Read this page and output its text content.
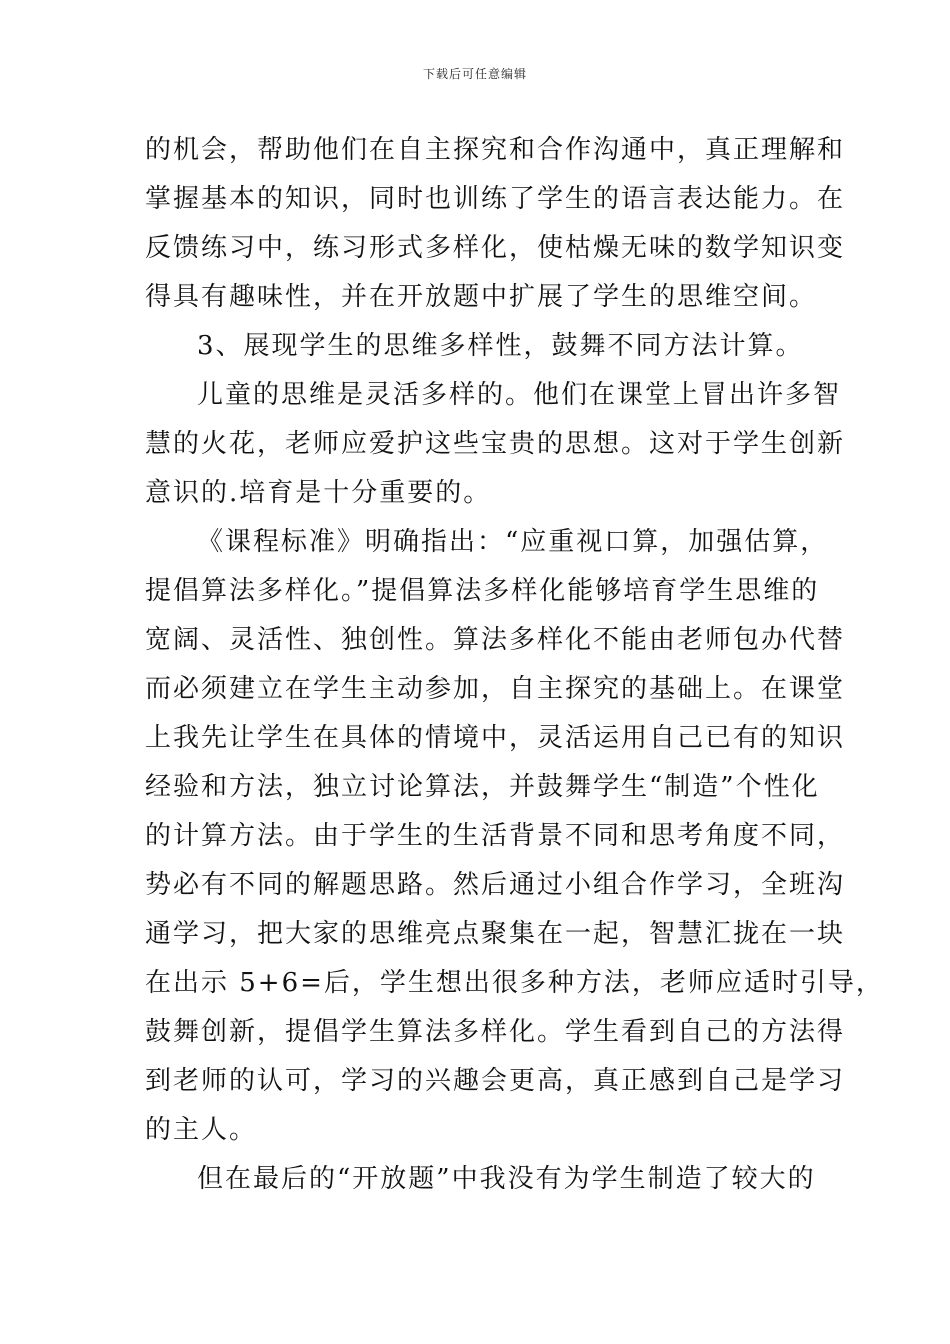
下载后可任意编辑
的机会，帮助他们在自主探究和合作沟通中，真正理解和
掌握基本的知识，同时也训练了学生的语言表达能力。在
反馈练习中，练习形式多样化，使枯燥无味的数学知识变
得具有趣味性，并在开放题中扩展了学生的思维空间。
3、展现学生的思维多样性，鼓舞不同方法计算。
儿童的思维是灵活多样的。他们在课堂上冒出许多智
慧的火花，老师应爱护这些宝贵的思想。这对于学生创新
意识的.培育是十分重要的。
《课程标准》明确指出：“应重视口算，加强估算，
提倡算法多样化。”提倡算法多样化能够培育学生思维的
宽阔、灵活性、独创性。算法多样化不能由老师包办代替
而必须建立在学生主动参加，自主探究的基础上。在课堂
上我先让学生在具体的情境中，灵活运用自己已有的知识
经验和方法，独立讨论算法，并鼓舞学生“制造”个性化
的计算方法。由于学生的生活背景不同和思考角度不同，
势必有不同的解题思路。然后通过小组合作学习，全班沟
通学习，把大家的思维亮点聚集在一起，智慧汇拢在一块
在出示 5+6=后，学生想出很多种方法，老师应适时引导，
鼓舞创新，提倡学生算法多样化。学生看到自己的方法得
到老师的认可，学习的兴趣会更高，真正感到自己是学习
的主人。
但在最后的“开放题”中我没有为学生制造了较大的
